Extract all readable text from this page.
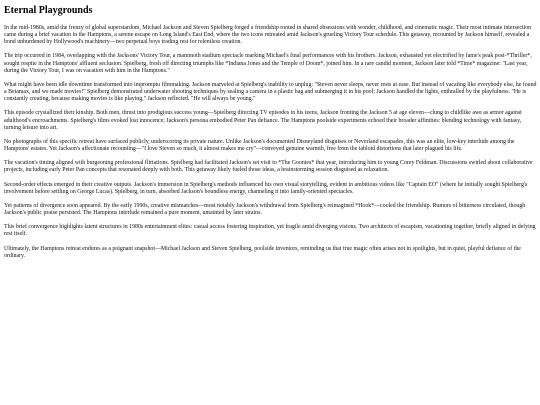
Eternal Playgrounds

In the mid-1980s, amid the frenzy of global superstardom, Michael Jackson and Steven Spielberg forged a friendship rooted in shared obsessions with wonder, childhood, and cinematic magic. Their most intimate intersection came during a brief vacation in the Hamptons, a serene escape on Long Island's East End, where the two icons retreated amid Jackson's grueling Victory Tour schedule. This getaway, recounted by Jackson himself, revealed a bond unburdened by Hollywood's machinery—two perpetual boys trading rest for relentless creation.

The trip occurred in 1984, overlapping with the Jacksons' Victory Tour, a mammoth stadium spectacle marking Michael's final performances with his brothers. Jackson, exhausted yet electrified by fame's peak post-*Thriller*, sought respite in the Hamptons' affluent seclusion. Spielberg, fresh off directing triumphs like *Indiana Jones and the Temple of Doom*, joined him. In a rare candid moment, Jackson later told *Time* magazine: "Last year, during the Victory Tour, I was on vacation with him in the Hamptons."

What might have been idle downtime transformed into impromptu filmmaking. Jackson marveled at Spielberg's inability to unplug: "Steven never sleeps, never rests at ease. But instead of vacating like everybody else, he found a Betamax, and we made movies!" Spielberg demonstrated underwater shooting techniques by sealing a camera in a plastic bag and submerging it in his pool; Jackson handled the lights, enthralled by the playfulness. "He is constantly creating, because making movies is like playing," Jackson reflected. "He will always be young."

This episode crystallized their kinship. Both men, thrust into prodigious success young—Spielberg directing TV episodes in his teens, Jackson fronting the Jackson 5 at age eleven—clung to childlike awe as armor against adulthood's encroachments. Spielberg's films evoked lost innocence; Jackson's persona embodied Peter Pan defiance. The Hamptons poolside experiments echoed their broader affinities: blending technology with fantasy, turning leisure into art.

No photographs of this specific retreat have surfaced publicly, underscoring its private nature. Unlike Jackson's documented Disneyland disguises or Neverland escapades, this was an elite, low-key interlude among the Hamptons' estates. Yet Jackson's affectionate recounting—"I love Steven so much, it almost makes me cry"—conveyed genuine warmth, free from the tabloid distortions that later plagued his life.

The vacation's timing aligned with burgeoning professional flirtations. Spielberg had facilitated Jackson's set visit to *The Goonies* that year, introducing him to young Corey Feldman. Discussions swirled about collaborative projects, including early Peter Pan concepts that resonated deeply with both. This getaway likely fueled those ideas, a brainstorming session disguised as relaxation.

Second-order effects emerged in their creative outputs. Jackson's immersion in Spielberg's methods influenced his own visual storytelling, evident in ambitious videos like "Captain EO" (where he initially sought Spielberg's involvement before settling on George Lucas). Spielberg, in turn, absorbed Jackson's boundless energy, channeling it into family-oriented spectacles.

Yet patterns of divergence soon appeared. By the early 1990s, creative mismatches—most notably Jackson's withdrawal from Spielberg's reimagined *Hook*—cooled the friendship. Rumors of bitterness circulated, though Jackson's public praise persisted. The Hamptons interlude remained a pure moment, untainted by later strains.

This brief convergence highlights latent structures in 1980s entertainment elites: casual access fostering inspiration, yet fragile amid diverging visions. Two architects of escapism, vacationing together, briefly aligned in defying rest itself.

Ultimately, the Hamptons retreat endures as a poignant snapshot—Michael Jackson and Steven Spielberg, poolside inventors, reminding us that true magic often arises not in spotlights, but in quiet, playful defiance of the ordinary.
